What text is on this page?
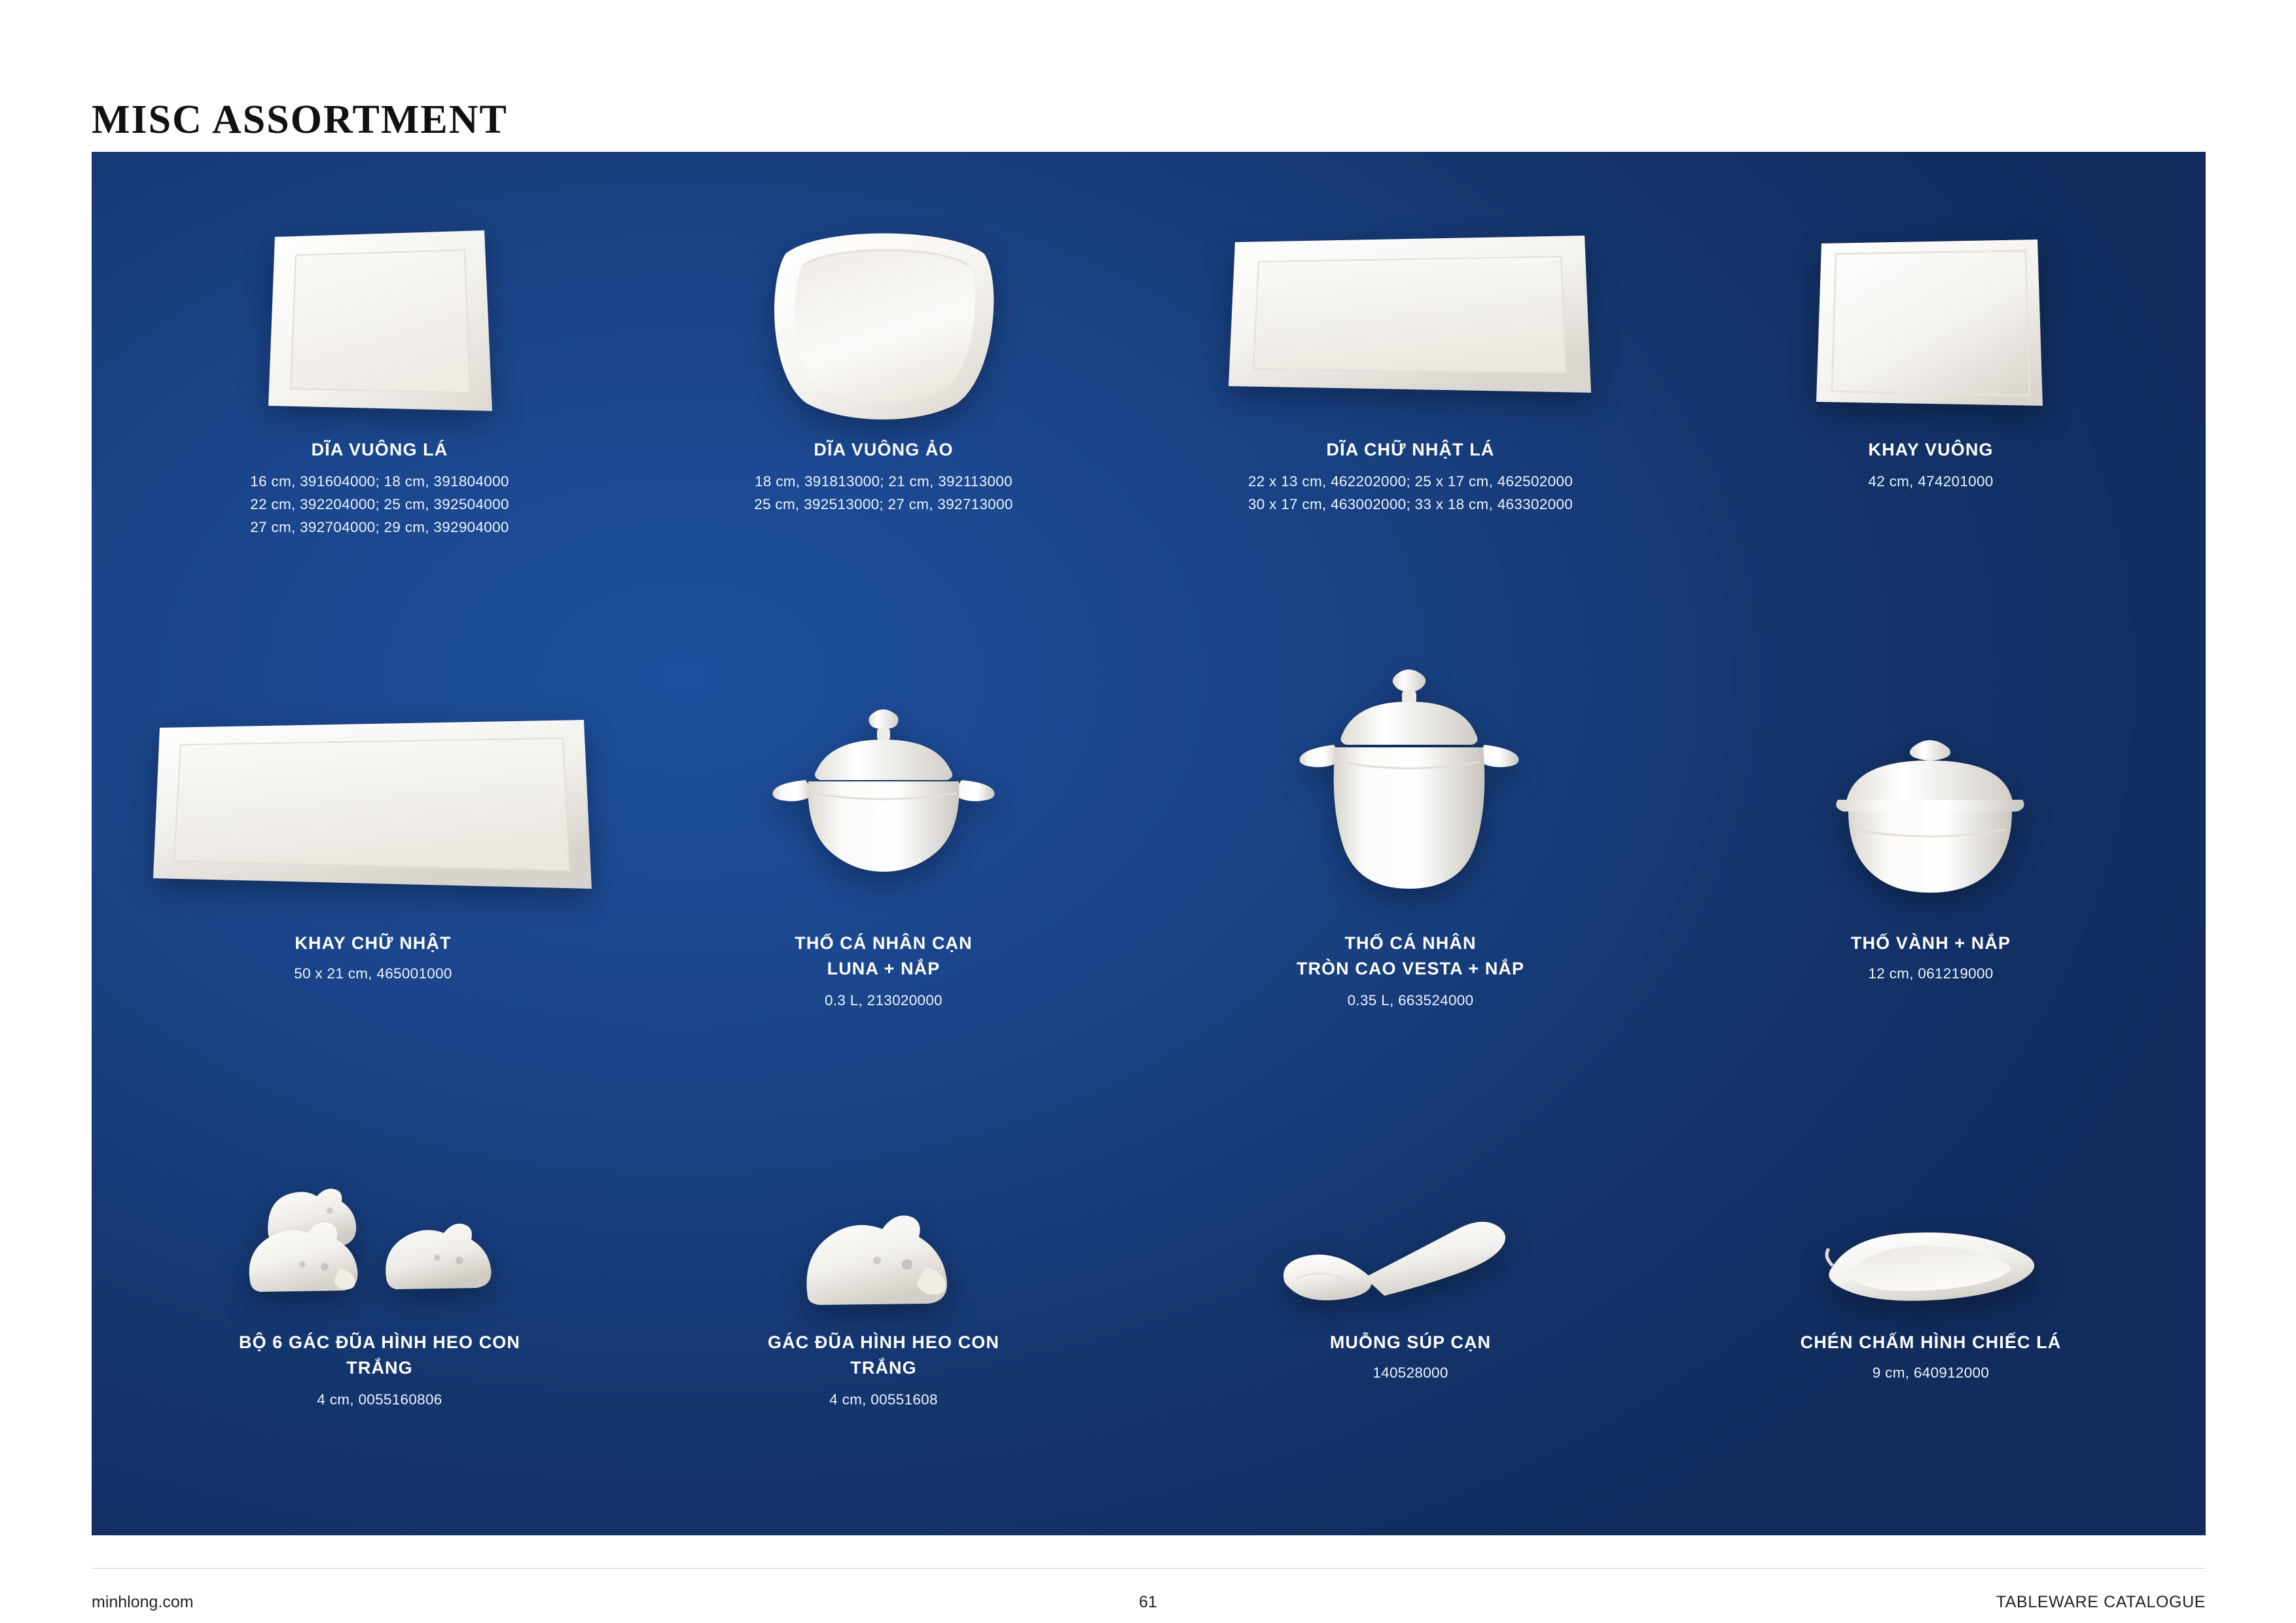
MISC ASSORTMENT
DĨA VUÔNG LÁ
16 cm, 391604000; 18 cm, 391804000
22 cm, 392204000; 25 cm, 392504000
27 cm, 392704000; 29 cm, 392904000
DĨA VUÔNG ẢO
18 cm, 391813000; 21 cm, 392113000
25 cm, 392513000; 27 cm, 392713000
DĨA CHỮ NHẬT LÁ
22 x 13 cm, 462202000; 25 x 17 cm, 462502000
30 x 17 cm, 463002000; 33 x 18 cm, 463302000
KHAY VUÔNG
42 cm, 474201000
KHAY CHỮ NHẬT
50 x 21 cm, 465001000
THỐ CÁ NHÂN CẠN
LUNA + NẮP
0.3 L, 213020000
THỐ CÁ NHÂN
TRÒN CAO VESTA + NẮP
0.35 L, 663524000
THỐ VÀNH + NẮP
12 cm, 061219000
BỘ 6 GÁC ĐŨA HÌNH HEO CON
TRẮNG
4 cm, 0055160806
GÁC ĐŨA HÌNH HEO CON
TRẮNG
4 cm, 00551608
MUỖNG SÚP CẠN
140528000
CHÉN CHẤM HÌNH CHIẾC LÁ
9 cm, 640912000
minhlong.com	61	TABLEWARE CATALOGUE
